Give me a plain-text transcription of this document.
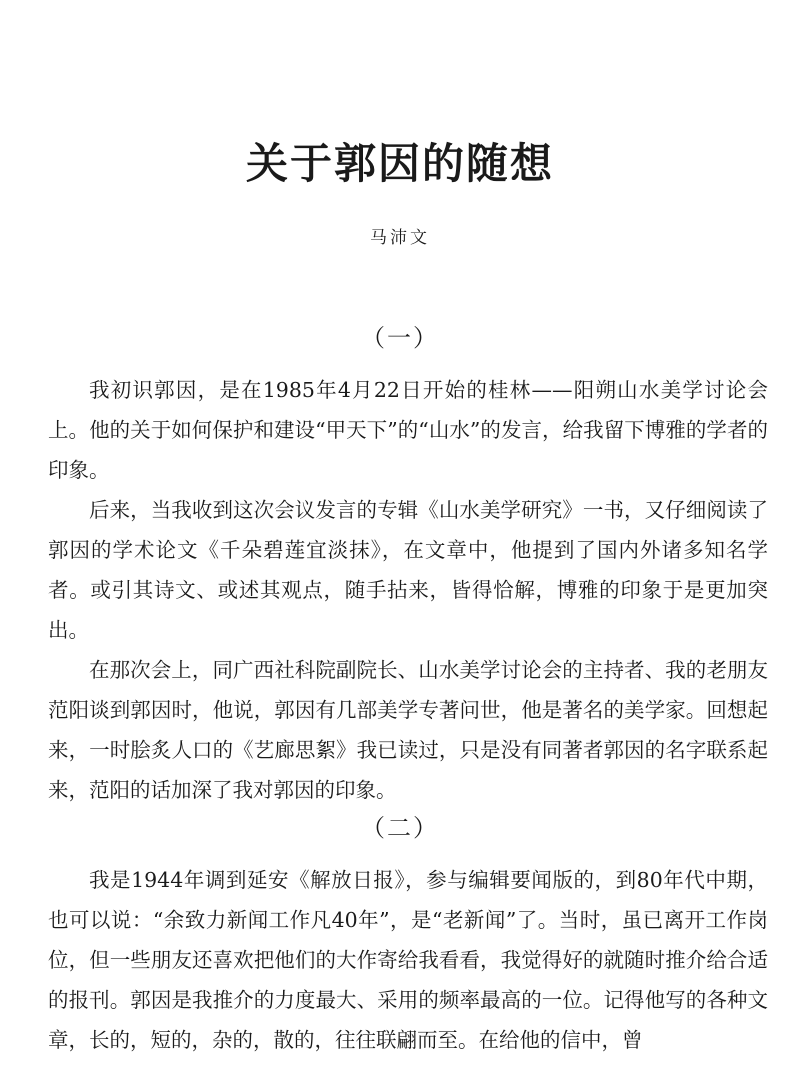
关于郭因的随想
马沛文
（一）

我初识郭因，是在1985年4月22日开始的桂林——阳朔山水美学讨论会上。他的关于如何保护和建设“甲天下”的“山水”的发言，给我留下博雅的学者的印象。

后来，当我收到这次会议发言的专辑《山水美学研究》一书，又仔细阅读了郭因的学术论文《千朵碧莲宜淡抹》，在文章中，他提到了国内外诸多知名学者。或引其诗文、或述其观点，随手拈来，皆得恰解，博雅的印象于是更加突出。

在那次会上，同广西社科院副院长、山水美学讨论会的主持者、我的老朋友范阳谈到郭因时，他说，郭因有几部美学专著问世，他是著名的美学家。回想起来，一时脍炙人口的《艺廊思絮》我已读过，只是没有同著者郭因的名字联系起来，范阳的话加深了我对郭因的印象。

（二）

我是1944年调到延安《解放日报》，参与编辑要闻版的，到80年代中期，也可以说：“余致力新闻工作凡40年”，是“老新闻”了。当时，虽已离开工作岗位，但一些朋友还喜欢把他们的大作寄给我看看，我觉得好的就随时推介给合适的报刊。郭因是我推介的力度最大、采用的频率最高的一位。记得他写的各种文章，长的，短的，杂的，散的，往往联翩而至。在给他的信中，曾
